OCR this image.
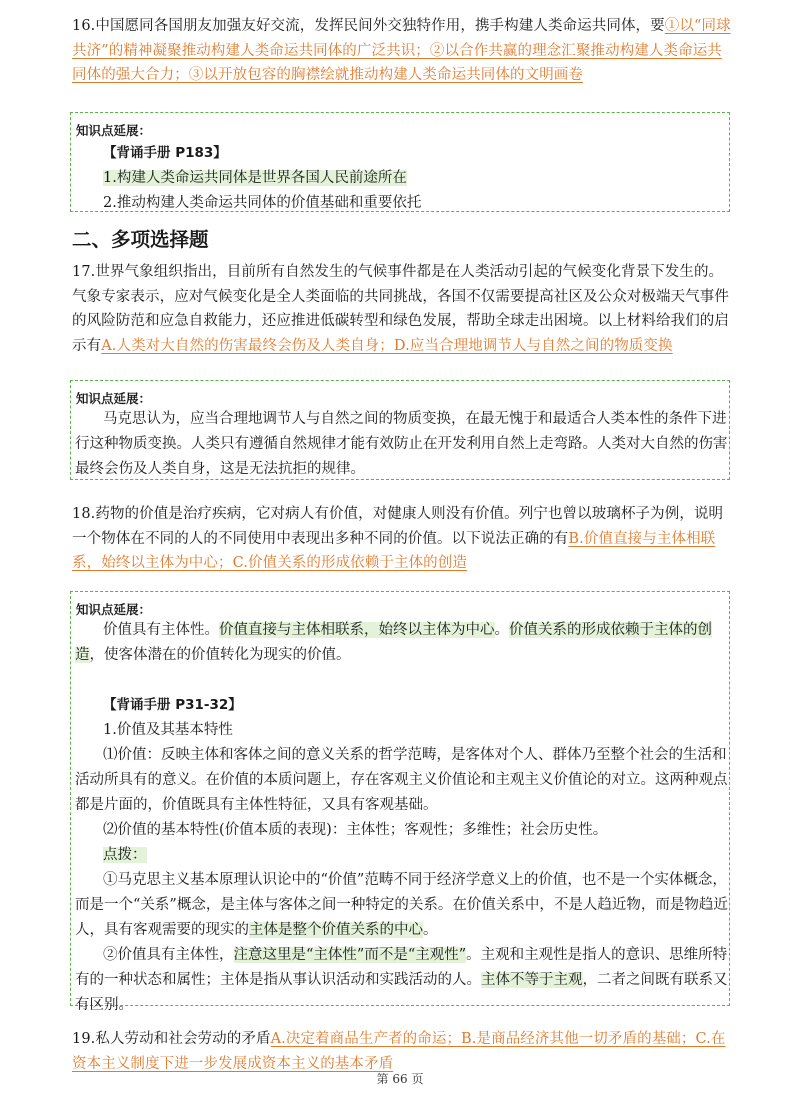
16.中国愿同各国朋友加强友好交流，发挥民间外交独特作用，携手构建人类命运共同体，要①以“同球共济”的精神凝聚推动构建人类命运共同体的广泛共识；②以合作共赢的理念汇聚推动构建人类命运共同体的强大合力；③以开放包容的胸襟绘就推动构建人类命运共同体的文明画卷
知识点延展：

【背诵手册 P183】

1.构建人类命运共同体是世界各国人民前途所在

2.推动构建人类命运共同体的价值基础和重要依托

二、多项选择题
17.世界气象组织指出，目前所有自然发生的气候事件都是在人类活动引起的气候变化背景下发生的。气象专家表示，应对气候变化是全人类面临的共同挑战，各国不仅需要提高社区及公众对极端天气事件的风险防范和应急自救能力，还应推进低碳转型和绿色发展，帮助全球走出困境。以上材料给我们的启示有A.人类对大自然的伤害最终会伤及人类自身；D.应当合理地调节人与自然之间的物质变换
知识点延展：

马克思认为，应当合理地调节人与自然之间的物质变换，在最无愧于和最适合人类本性的条件下进行这种物质变换。人类只有遵循自然规律才能有效防止在开发利用自然上走弯路。人类对大自然的伤害最终会伤及人类自身，这是无法抗拒的规律。

18.药物的价值是治疗疾病，它对病人有价值，对健康人则没有价值。列宁也曾以玻璃杯子为例，说明一个物体在不同的人的不同使用中表现出多种不同的价值。以下说法正确的有B.价值直接与主体相联系，始终以主体为中心；C.价值关系的形成依赖于主体的创造
知识点延展：

价值具有主体性。价值直接与主体相联系，始终以主体为中心。价值关系的形成依赖于主体的创造，使客体潜在的价值转化为现实的价值。

【背诵手册 P31-32】

1.价值及其基本特性

⑴价值：反映主体和客体之间的意义关系的哲学范畴，是客体对个人、群体乃至整个社会的生活和活动所具有的意义。在价值的本质问题上，存在客观主义价值论和主观主义价值论的对立。这两种观点都是片面的，价值既具有主体性特征，又具有客观基础。

⑵价值的基本特性(价值本质的表现)：主体性；客观性；多维性；社会历史性。

点拨：

①马克思主义基本原理认识论中的“价值”范畴不同于经济学意义上的价值，也不是一个实体概念，而是一个“关系”概念，是主体与客体之间一种特定的关系。在价值关系中，不是人趋近物，而是物趋近人，具有客观需要的现实的主体是整个价值关系的中心。

②价值具有主体性，注意这里是“主体性”而不是“主观性”。主观和主观性是指人的意识、思维所特有的一种状态和属性；主体是指从事认识活动和实践活动的人。主体不等于主观，二者之间既有联系又有区别。

19.私人劳动和社会劳动的矛盾A.决定着商品生产者的命运；B.是商品经济其他一切矛盾的基础；C.在资本主义制度下进一步发展成资本主义的基本矛盾
第 66 页
